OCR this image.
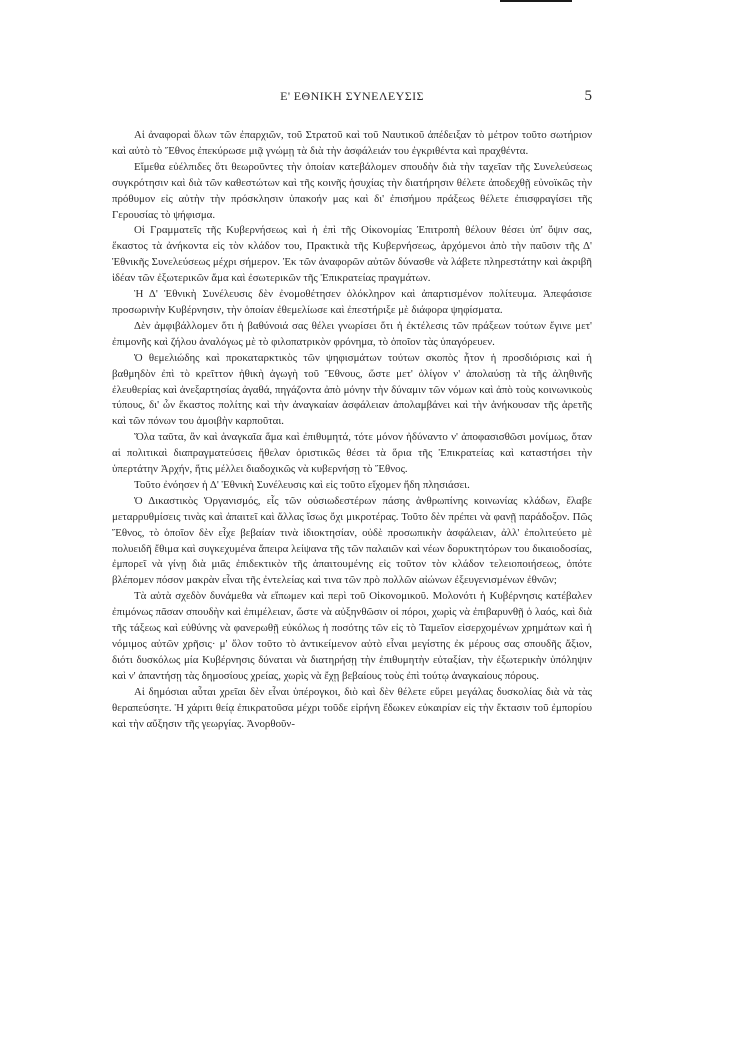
Ε' ΕΘΝΙΚΗ ΣΥΝΕΛΕΥΣΙΣ	5

Αἱ ἀναφοραὶ ὅλων τῶν ἐπαρχιῶν, τοῦ Στρατοῦ καὶ τοῦ Ναυτικοῦ ἀπέδειξαν τὸ μέτρον τοῦτο σωτήριον καὶ αὐτὸ τὸ Ἔθνος ἐπεκύρωσε μιᾷ γνώμῃ τὰ διὰ τὴν ἀσφάλειάν του ἐγκριθέντα καὶ πραχθέντα.

Εἴμεθα εὐέλπιδες ὅτι θεωροῦντες τὴν ὁποίαν κατεβάλομεν σπουδὴν διὰ τὴν ταχεῖαν τῆς Συνελεύσεως συγκρότησιν καὶ διὰ τῶν καθεστώτων καὶ τῆς κοινῆς ἡσυχίας τὴν διατήρησιν θέλετε ἀποδεχθῇ εὐνοϊκῶς τὴν πρόθυμον εἰς αὐτὴν τὴν πρόσκλησιν ὑπακοήν μας καὶ δι' ἐπισήμου πράξεως θέλετε ἐπισφραγίσει τῆς Γερουσίας τὸ ψήφισμα.

Οἱ Γραμματεῖς τῆς Κυβερνήσεως καὶ ἡ ἐπὶ τῆς Οἰκονομίας Ἐπιτροπὴ θέλουν θέσει ὑπ' ὄψιν σας, ἕκαστος τὰ ἀνήκοντα εἰς τὸν κλάδον του, Πρακτικὰ τῆς Κυβερνήσεως, ἀρχόμενοι ἀπὸ τὴν παῦσιν τῆς Δ' Ἐθνικῆς Συνελεύσεως μέχρι σήμερον. Ἐκ τῶν ἀναφορῶν αὐτῶν δύνασθε νὰ λάβετε πληρεστάτην καὶ ἀκριβῆ ἰδέαν τῶν ἐξωτερικῶν ἅμα καὶ ἐσωτερικῶν τῆς Ἐπικρατείας πραγμάτων.

Ἡ Δ' Ἐθνικὴ Συνέλευσις δὲν ἐνομοθέτησεν ὁλόκληρον καὶ ἀπαρτισμένον πολίτευμα. Ἀπεφάσισε προσωρινὴν Κυβέρνησιν, τὴν ὁποίαν ἐθεμελίωσε καὶ ἐπεστήριξε μὲ διάφορα ψηφίσματα.

Δὲν ἀμφιβάλλομεν ὅτι ἡ βαθύνοιά σας θέλει γνωρίσει ὅτι ἡ ἐκτέλεσις τῶν πράξεων τούτων ἔγινε μετ' ἐπιμονῆς καὶ ζήλου ἀναλόγως μὲ τὸ φιλοπατρικὸν φρόνημα, τὸ ὁποῖον τὰς ὑπαγόρευεν.

Ὁ θεμελιώδης καὶ προκαταρκτικὸς τῶν ψηφισμάτων τούτων σκοπὸς ἦτον ἡ προσδιόρισις καὶ ἡ βαθμηδὸν ἐπὶ τὸ κρεῖττον ἠθικὴ ἀγωγὴ τοῦ Ἔθνους, ὥστε μετ' ὀλίγον ν' ἀπολαύσῃ τὰ τῆς ἀληθινῆς ἐλευθερίας καὶ ἀνεξαρτησίας ἀγαθά, πηγάζοντα ἀπὸ μόνην τὴν δύναμιν τῶν νόμων καὶ ἀπὸ τοὺς κοινωνικοὺς τύπους, δι' ὧν ἕκαστος πολίτης καὶ τὴν ἀναγκαίαν ἀσφάλειαν ἀπολαμβάνει καὶ τὴν ἀνήκουσαν τῆς ἀρετῆς καὶ τῶν πόνων του ἀμοιβὴν καρποῦται.

Ὅλα ταῦτα, ἂν καὶ ἀναγκαῖα ἅμα καὶ ἐπιθυμητά, τότε μόνον ἠδύναντο ν' ἀποφασισθῶσι μονίμως, ὅταν αἱ πολιτικαὶ διαπραγματεύσεις ἤθελαν ὁριστικῶς θέσει τὰ ὅρια τῆς Ἐπικρατείας καὶ καταστήσει τὴν ὑπερτάτην Ἀρχήν, ἥτις μέλλει διαδοχικῶς νὰ κυβερνήσῃ τὸ Ἔθνος.

Τοῦτο ἐνόησεν ἡ Δ' Ἐθνικὴ Συνέλευσις καὶ εἰς τοῦτο εἴχομεν ἤδη πλησιάσει.

Ὁ Δικαστικὸς Ὀργανισμός, εἷς τῶν οὐσιωδεστέρων πάσης ἀνθρωπίνης κοινωνίας κλάδων, ἔλαβε μεταρρυθμίσεις τινὰς καὶ ἀπαιτεῖ καὶ ἄλλας ἴσως ὄχι μικροτέρας. Τοῦτο δὲν πρέπει νὰ φανῇ παράδοξον. Πῶς Ἔθνος, τὸ ὁποῖον δὲν εἶχε βεβαίαν τινὰ ἰδιοκτησίαν, οὐδὲ προσωπικὴν ἀσφάλειαν, ἀλλ' ἐπολιτεύετο μὲ πολυειδῆ ἔθιμα καὶ συγκεχυμένα ἄπειρα λείψανα τῆς τῶν παλαιῶν καὶ νέων δορυκτητόρων του δικαιοδοσίας, ἐμπορεῖ νὰ γίνῃ διὰ μιᾶς ἐπιδεκτικὸν τῆς ἀπαιτουμένης εἰς τοῦτον τὸν κλάδον τελειοποιήσεως, ὁπότε βλέπομεν πόσον μακρὰν εἶναι τῆς ἐντελείας καὶ τινα τῶν πρὸ πολλῶν αἰώνων ἐξευγενισμένων ἐθνῶν;

Τὰ αὐτὰ σχεδὸν δυνάμεθα νὰ εἴπωμεν καὶ περὶ τοῦ Οἰκονομικοῦ. Μολονότι ἡ Κυβέρνησις κατέβαλεν ἐπιμόνως πᾶσαν σπουδὴν καὶ ἐπιμέλειαν, ὥστε νὰ αὐξηνθῶσιν οἱ πόροι, χωρὶς νὰ ἐπιβαρυνθῇ ὁ λαός, καὶ διὰ τῆς τάξεως καὶ εὐθύνης νὰ φανερωθῇ εὐκόλως ἡ ποσότης τῶν εἰς τὸ Ταμεῖον εἰσερχομένων χρημάτων καὶ ἡ νόμιμος αὐτῶν χρῆσις· μ' ὅλον τοῦτο τὸ ἀντικείμενον αὐτὸ εἶναι μεγίστης ἐκ μέρους σας σπουδῆς ἄξιον, διότι δυσκόλως μία Κυβέρνησις δύναται νὰ διατηρήσῃ τὴν ἐπιθυμητὴν εὐταξίαν, τὴν ἐξωτερικὴν ὑπόληψιν καὶ ν' ἀπαντήσῃ τὰς δημοσίους χρείας, χωρὶς νὰ ἔχῃ βεβαίους τοὺς ἐπὶ τούτῳ ἀναγκαίους πόρους.

Αἱ δημόσιαι αὗται χρεῖαι δὲν εἶναι ὑπέρογκοι, διὸ καὶ δὲν θέλετε εὕρει μεγάλας δυσκολίας διὰ νὰ τὰς θεραπεύσητε. Ἡ χάριτι θείᾳ ἐπικρατοῦσα μέχρι τοῦδε εἰρήνη ἔδωκεν εὐκαιρίαν εἰς τὴν ἔκτασιν τοῦ ἐμπορίου καὶ τὴν αὔξησιν τῆς γεωργίας. Ἀνορθοῦν-
